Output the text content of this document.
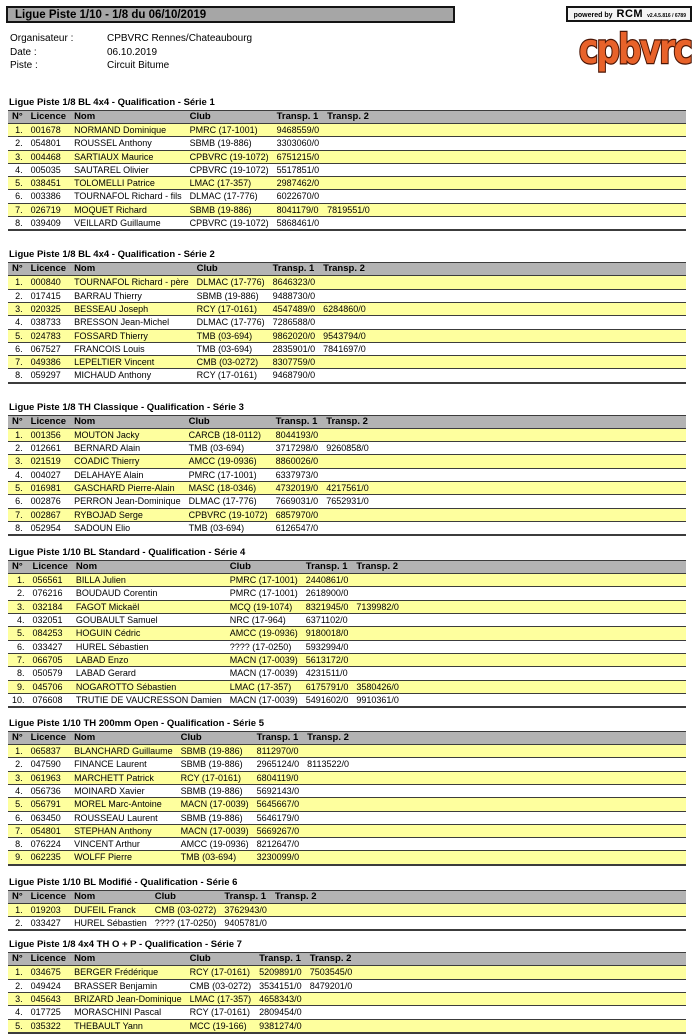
Ligue Piste 1/10 - 1/8 du 06/10/2019	powered by RCM v2.4.5.816 / 6789
Organisateur :	CPBVRC Rennes/Chateaubourg
Date :	06.10.2019
Piste :	Circuit Bitume	cpbvrc
Ligue Piste 1/8 BL 4x4 - Qualification - Série 1
N°	Licence	Nom	Club	Transp. 1	Transp. 2
1.	001678	NORMAND Dominique	PMRC (17-1001)	9468559/0	
2.	054801	ROUSSEL Anthony	SBMB (19-886)	3303060/0	
3.	004468	SARTIAUX Maurice	CPBVRC (19-1072)	6751215/0	
4.	005035	SAUTAREL Olivier	CPBVRC (19-1072)	5517851/0	
5.	038451	TOLOMELLI Patrice	LMAC (17-357)	2987462/0	
6.	003386	TOURNAFOL Richard - fils	DLMAC (17-776)	6022670/0	
7.	026719	MOQUET Richard	SBMB (19-886)	8041179/0	7819551/0
8.	039409	VEILLARD Guillaume	CPBVRC (19-1072)	5868461/0	
Ligue Piste 1/8 BL 4x4 - Qualification - Série 2
N°	Licence	Nom	Club	Transp. 1	Transp. 2
1.	000840	TOURNAFOL Richard - père	DLMAC (17-776)	8646323/0	
2.	017415	BARRAU Thierry	SBMB (19-886)	9488730/0	
3.	020325	BESSEAU Joseph	RCY (17-0161)	4547489/0	6284860/0
4.	038733	BRESSON Jean-Michel	DLMAC (17-776)	7286588/0	
5.	024783	FOSSARD Thierry	TMB (03-694)	9862020/0	9543794/0
6.	067527	FRANCOIS Louis	TMB (03-694)	2835901/0	7841697/0
7.	049386	LEPELTIER Vincent	CMB (03-0272)	8307759/0	
8.	059297	MICHAUD Anthony	RCY (17-0161)	9468790/0	
Ligue Piste 1/8 TH Classique - Qualification - Série 3
N°	Licence	Nom	Club	Transp. 1	Transp. 2
1.	001356	MOUTON Jacky	CARCB (18-0112)	8044193/0	
2.	012661	BERNARD Alain	TMB (03-694)	3717298/0	9260858/0
3.	021519	COADIC Thierry	AMCC (19-0936)	8860026/0	
4.	004027	DELAHAYE Alain	PMRC (17-1001)	6337973/0	
5.	016981	GASCHARD Pierre-Alain	MASC (18-0346)	4732019/0	4217561/0
6.	002876	PERRON Jean-Dominique	DLMAC (17-776)	7669031/0	7652931/0
7.	002867	RYBOJAD Serge	CPBVRC (19-1072)	6857970/0	
8.	052954	SADOUN Elio	TMB (03-694)	6126547/0	
Ligue Piste 1/10 BL Standard - Qualification - Série 4
N°	Licence	Nom	Club	Transp. 1	Transp. 2
1.	056561	BILLA Julien	PMRC (17-1001)	2440861/0	
2.	076216	BOUDAUD Corentin	PMRC (17-1001)	2618900/0	
3.	032184	FAGOT Mickaël	MCQ (19-1074)	8321945/0	7139982/0
4.	032051	GOUBAULT Samuel	NRC (17-964)	6371102/0	
5.	084253	HOGUIN Cédric	AMCC (19-0936)	9180018/0	
6.	033427	HUREL Sébastien	???? (17-0250)	5932994/0	
7.	066705	LABAD Enzo	MACN (17-0039)	5613172/0	
8.	050579	LABAD Gerard	MACN (17-0039)	4231511/0	
9.	045706	NOGAROTTO Sébastien	LMAC (17-357)	6175791/0	3580426/0
10.	076608	TRUTIE DE VAUCRESSON Damien	MACN (17-0039)	5491602/0	9910361/0
Ligue Piste 1/10 TH 200mm Open - Qualification - Série 5
N°	Licence	Nom	Club	Transp. 1	Transp. 2
1.	065837	BLANCHARD Guillaume	SBMB (19-886)	8112970/0	
2.	047590	FINANCE Laurent	SBMB (19-886)	2965124/0	8113522/0
3.	061963	MARCHETT Patrick	RCY (17-0161)	6804119/0	
4.	056736	MOINARD Xavier	SBMB (19-886)	5692143/0	
5.	056791	MOREL Marc-Antoine	MACN (17-0039)	5645667/0	
6.	063450	ROUSSEAU Laurent	SBMB (19-886)	5646179/0	
7.	054801	STEPHAN Anthony	MACN (17-0039)	5669267/0	
8.	076224	VINCENT Arthur	AMCC (19-0936)	8212647/0	
9.	062235	WOLFF Pierre	TMB (03-694)	3230099/0	
Ligue Piste 1/10 BL Modifié - Qualification - Série 6
N°	Licence	Nom	Club	Transp. 1	Transp. 2
1.	019203	DUFEIL Franck	CMB (03-0272)	3762943/0	
2.	033427	HUREL Sébastien	???? (17-0250)	9405781/0	
Ligue Piste 1/8 4x4 TH O + P - Qualification - Série 7
N°	Licence	Nom	Club	Transp. 1	Transp. 2
1.	034675	BERGER Frédérique	RCY (17-0161)	5209891/0	7503545/0
2.	049424	BRASSER Benjamin	CMB (03-0272)	3534151/0	8479201/0
3.	045643	BRIZARD Jean-Dominique	LMAC (17-357)	4658343/0	
4.	017725	MORASCHINI Pascal	RCY (17-0161)	2809454/0	
5.	035322	THEBAULT Yann	MCC (19-166)	9381274/0	
